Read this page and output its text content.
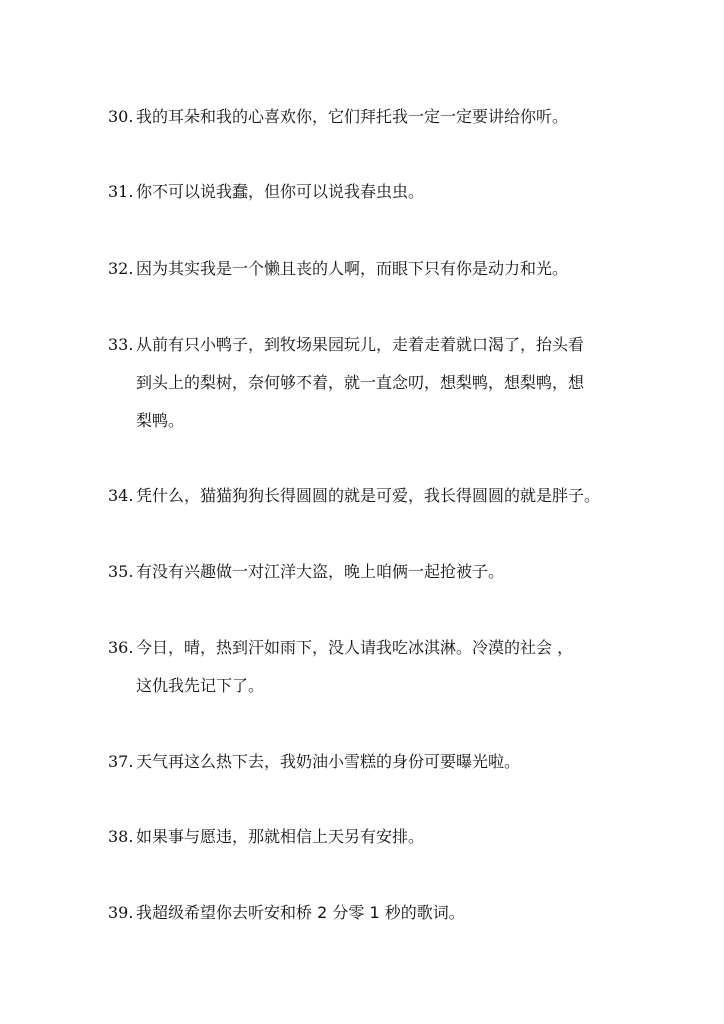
30. 我的耳朵和我的心喜欢你，它们拜托我一定一定要讲给你听。
31. 你不可以说我蠢，但你可以说我春虫虫。
32. 因为其实我是一个懒且丧的人啊，而眼下只有你是动力和光。
33. 从前有只小鸭子，到牧场果园玩儿，走着走着就口渴了，抬头看
到头上的梨树，奈何够不着，就一直念叨，想梨鸭，想梨鸭，想
梨鸭。
34. 凭什么，猫猫狗狗长得圆圆的就是可爱，我长得圆圆的就是胖子。
35. 有没有兴趣做一对江洋大盗，晚上咱俩一起抢被子。
36. 今日，晴，热到汗如雨下，没人请我吃冰淇淋。冷漠的社会 ，
这仇我先记下了。
37. 天气再这么热下去，我奶油小雪糕的身份可要曝光啦。
38. 如果事与愿违，那就相信上天另有安排。
39. 我超级希望你去听安和桥 2 分零 1 秒的歌词。
